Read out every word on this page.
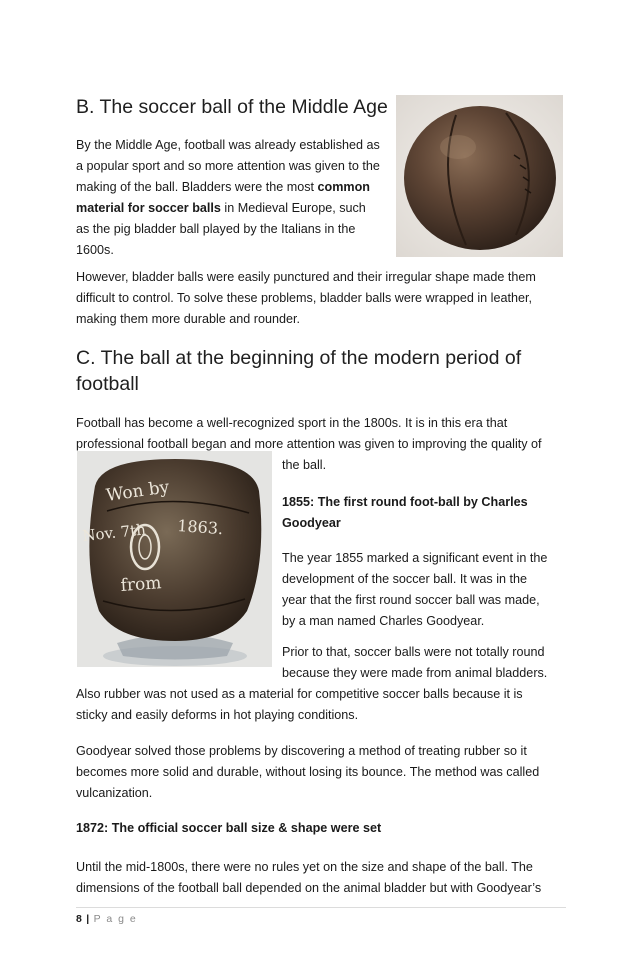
B. The soccer ball of the Middle Age
By the Middle Age, football was already established as
a popular sport and so more attention was given to the
making of the ball. Bladders were the most common
material for soccer balls in Medieval Europe, such
as the pig bladder ball played by the Italians in the
1600s.
However, bladder balls were easily punctured and their irregular shape made them
difficult to control. To solve these problems, bladder balls were wrapped in leather,
making them more durable and rounder.
C. The ball at the beginning of the modern period of
football
Football has become a well-recognized sport in the 1800s. It is in this era that
professional football began and more attention was given to improving the quality of
the ball.
Won by
Nov. 7th 1863.
from
1855: The first round foot-ball by Charles
Goodyear
The year 1855 marked a significant event in the
development of the soccer ball. It was in the
year that the first round soccer ball was made,
by a man named Charles Goodyear.
Prior to that, soccer balls were not totally round
because they were made from animal bladders.
Also rubber was not used as a material for competitive soccer balls because it is
sticky and easily deforms in hot playing conditions.
Goodyear solved those problems by discovering a method of treating rubber so it
becomes more solid and durable, without losing its bounce. The method was called
vulcanization.
1872: The official soccer ball size & shape were set
Until the mid-1800s, there were no rules yet on the size and shape of the ball. The
dimensions of the football ball depended on the animal bladder but with Goodyear’s
8 | P a g e
